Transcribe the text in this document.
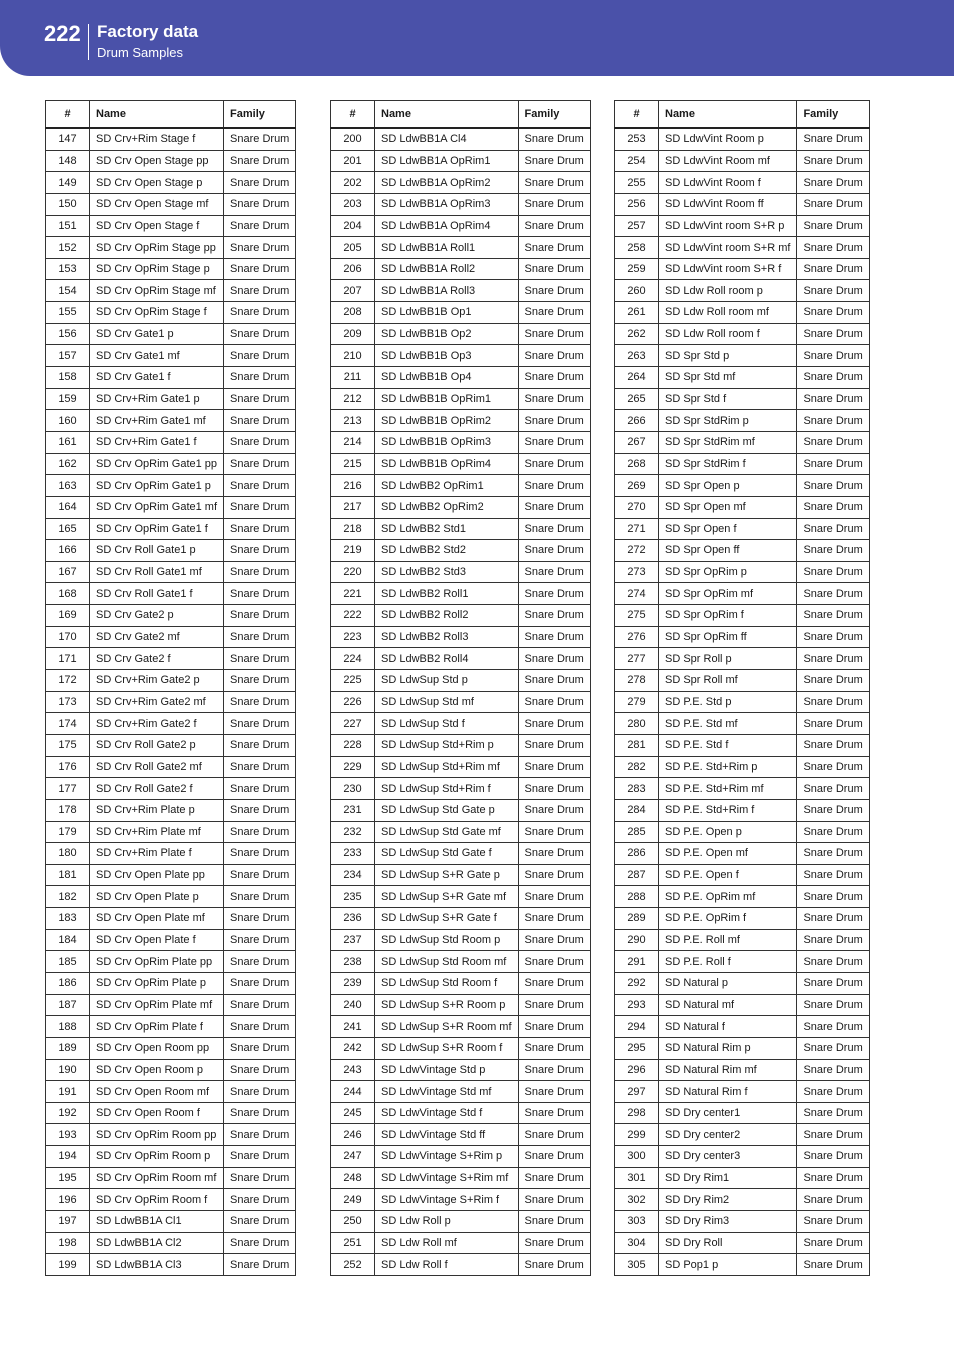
222 Factory data
Drum Samples
#	Name	Family
147	SD Crv+Rim Stage f	Snare Drum
148	SD Crv Open Stage pp	Snare Drum
149	SD Crv Open Stage p	Snare Drum
150	SD Crv Open Stage mf	Snare Drum
151	SD Crv Open Stage f	Snare Drum
152	SD Crv OpRim Stage pp	Snare Drum
153	SD Crv OpRim Stage p	Snare Drum
154	SD Crv OpRim Stage mf	Snare Drum
155	SD Crv OpRim Stage f	Snare Drum
156	SD Crv Gate1 p	Snare Drum
157	SD Crv Gate1 mf	Snare Drum
158	SD Crv Gate1 f	Snare Drum
159	SD Crv+Rim Gate1 p	Snare Drum
160	SD Crv+Rim Gate1 mf	Snare Drum
161	SD Crv+Rim Gate1 f	Snare Drum
162	SD Crv OpRim Gate1 pp	Snare Drum
163	SD Crv OpRim Gate1 p	Snare Drum
164	SD Crv OpRim Gate1 mf	Snare Drum
165	SD Crv OpRim Gate1 f	Snare Drum
166	SD Crv Roll Gate1 p	Snare Drum
167	SD Crv Roll Gate1 mf	Snare Drum
168	SD Crv Roll Gate1 f	Snare Drum
169	SD Crv Gate2 p	Snare Drum
170	SD Crv Gate2 mf	Snare Drum
171	SD Crv Gate2 f	Snare Drum
172	SD Crv+Rim Gate2 p	Snare Drum
173	SD Crv+Rim Gate2 mf	Snare Drum
174	SD Crv+Rim Gate2 f	Snare Drum
175	SD Crv Roll Gate2 p	Snare Drum
176	SD Crv Roll Gate2 mf	Snare Drum
177	SD Crv Roll Gate2 f	Snare Drum
178	SD Crv+Rim Plate p	Snare Drum
179	SD Crv+Rim Plate mf	Snare Drum
180	SD Crv+Rim Plate f	Snare Drum
181	SD Crv Open Plate pp	Snare Drum
182	SD Crv Open Plate p	Snare Drum
183	SD Crv Open Plate mf	Snare Drum
184	SD Crv Open Plate f	Snare Drum
185	SD Crv OpRim Plate pp	Snare Drum
186	SD Crv OpRim Plate p	Snare Drum
187	SD Crv OpRim Plate mf	Snare Drum
188	SD Crv OpRim Plate f	Snare Drum
189	SD Crv Open Room pp	Snare Drum
190	SD Crv Open Room p	Snare Drum
191	SD Crv Open Room mf	Snare Drum
192	SD Crv Open Room f	Snare Drum
193	SD Crv OpRim Room pp	Snare Drum
194	SD Crv OpRim Room p	Snare Drum
195	SD Crv OpRim Room mf	Snare Drum
196	SD Crv OpRim Room f	Snare Drum
197	SD LdwBB1A Cl1	Snare Drum
198	SD LdwBB1A Cl2	Snare Drum
199	SD LdwBB1A Cl3	Snare Drum
#	Name	Family
200	SD LdwBB1A Cl4	Snare Drum
201	SD LdwBB1A OpRim1	Snare Drum
202	SD LdwBB1A OpRim2	Snare Drum
203	SD LdwBB1A OpRim3	Snare Drum
204	SD LdwBB1A OpRim4	Snare Drum
205	SD LdwBB1A Roll1	Snare Drum
206	SD LdwBB1A Roll2	Snare Drum
207	SD LdwBB1A Roll3	Snare Drum
208	SD LdwBB1B Op1	Snare Drum
209	SD LdwBB1B Op2	Snare Drum
210	SD LdwBB1B Op3	Snare Drum
211	SD LdwBB1B Op4	Snare Drum
212	SD LdwBB1B OpRim1	Snare Drum
213	SD LdwBB1B OpRim2	Snare Drum
214	SD LdwBB1B OpRim3	Snare Drum
215	SD LdwBB1B OpRim4	Snare Drum
216	SD LdwBB2 OpRim1	Snare Drum
217	SD LdwBB2 OpRim2	Snare Drum
218	SD LdwBB2 Std1	Snare Drum
219	SD LdwBB2 Std2	Snare Drum
220	SD LdwBB2 Std3	Snare Drum
221	SD LdwBB2 Roll1	Snare Drum
222	SD LdwBB2 Roll2	Snare Drum
223	SD LdwBB2 Roll3	Snare Drum
224	SD LdwBB2 Roll4	Snare Drum
225	SD LdwSup Std p	Snare Drum
226	SD LdwSup Std mf	Snare Drum
227	SD LdwSup Std f	Snare Drum
228	SD LdwSup Std+Rim p	Snare Drum
229	SD LdwSup Std+Rim mf	Snare Drum
230	SD LdwSup Std+Rim f	Snare Drum
231	SD LdwSup Std Gate p	Snare Drum
232	SD LdwSup Std Gate mf	Snare Drum
233	SD LdwSup Std Gate f	Snare Drum
234	SD LdwSup S+R Gate p	Snare Drum
235	SD LdwSup S+R Gate mf	Snare Drum
236	SD LdwSup S+R Gate f	Snare Drum
237	SD LdwSup Std Room p	Snare Drum
238	SD LdwSup Std Room mf	Snare Drum
239	SD LdwSup Std Room f	Snare Drum
240	SD LdwSup S+R Room p	Snare Drum
241	SD LdwSup S+R Room mf	Snare Drum
242	SD LdwSup S+R Room f	Snare Drum
243	SD LdwVintage Std p	Snare Drum
244	SD LdwVintage Std mf	Snare Drum
245	SD LdwVintage Std f	Snare Drum
246	SD LdwVintage Std ff	Snare Drum
247	SD LdwVintage S+Rim p	Snare Drum
248	SD LdwVintage S+Rim mf	Snare Drum
249	SD LdwVintage S+Rim f	Snare Drum
250	SD Ldw Roll p	Snare Drum
251	SD Ldw Roll mf	Snare Drum
252	SD Ldw Roll f	Snare Drum
#	Name	Family
253	SD LdwVint Room p	Snare Drum
254	SD LdwVint Room mf	Snare Drum
255	SD LdwVint Room f	Snare Drum
256	SD LdwVint Room ff	Snare Drum
257	SD LdwVint room S+R p	Snare Drum
258	SD LdwVint room S+R mf	Snare Drum
259	SD LdwVint room S+R f	Snare Drum
260	SD Ldw Roll room p	Snare Drum
261	SD Ldw Roll room mf	Snare Drum
262	SD Ldw Roll room f	Snare Drum
263	SD Spr Std p	Snare Drum
264	SD Spr Std mf	Snare Drum
265	SD Spr Std f	Snare Drum
266	SD Spr StdRim p	Snare Drum
267	SD Spr StdRim mf	Snare Drum
268	SD Spr StdRim f	Snare Drum
269	SD Spr Open p	Snare Drum
270	SD Spr Open mf	Snare Drum
271	SD Spr Open f	Snare Drum
272	SD Spr Open ff	Snare Drum
273	SD Spr OpRim p	Snare Drum
274	SD Spr OpRim mf	Snare Drum
275	SD Spr OpRim f	Snare Drum
276	SD Spr OpRim ff	Snare Drum
277	SD Spr Roll p	Snare Drum
278	SD Spr Roll mf	Snare Drum
279	SD P.E. Std p	Snare Drum
280	SD P.E. Std mf	Snare Drum
281	SD P.E. Std f	Snare Drum
282	SD P.E. Std+Rim p	Snare Drum
283	SD P.E. Std+Rim mf	Snare Drum
284	SD P.E. Std+Rim f	Snare Drum
285	SD P.E. Open p	Snare Drum
286	SD P.E. Open mf	Snare Drum
287	SD P.E. Open f	Snare Drum
288	SD P.E. OpRim mf	Snare Drum
289	SD P.E. OpRim f	Snare Drum
290	SD P.E. Roll mf	Snare Drum
291	SD P.E. Roll f	Snare Drum
292	SD Natural p	Snare Drum
293	SD Natural mf	Snare Drum
294	SD Natural f	Snare Drum
295	SD Natural Rim p	Snare Drum
296	SD Natural Rim mf	Snare Drum
297	SD Natural Rim f	Snare Drum
298	SD Dry center1	Snare Drum
299	SD Dry center2	Snare Drum
300	SD Dry center3	Snare Drum
301	SD Dry Rim1	Snare Drum
302	SD Dry Rim2	Snare Drum
303	SD Dry Rim3	Snare Drum
304	SD Dry Roll	Snare Drum
305	SD Pop1 p	Snare Drum
